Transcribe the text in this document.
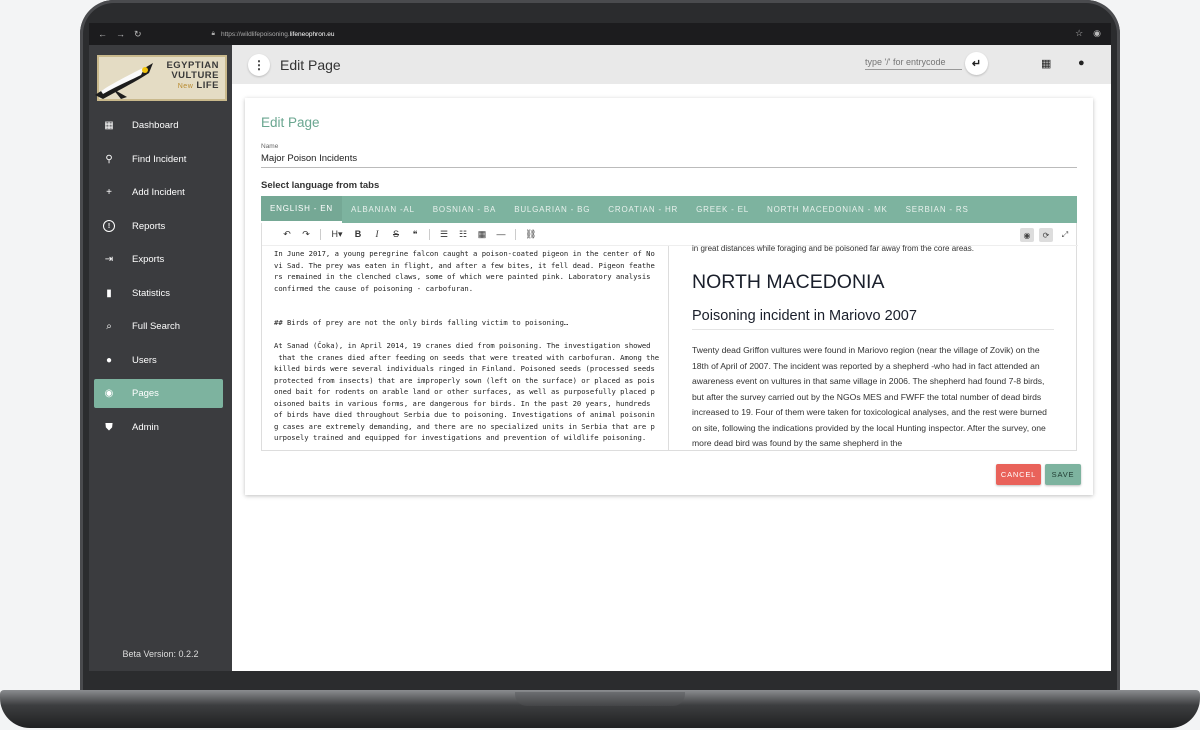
← → ↻	🔒︎ https://wildlifepoisoning.lifeneophron.eu	☆ ◉
EGYPTIAN
VULTURE
New LIFE
▦ Dashboard
⚲ Find Incident
+	Add Incident
!	Reports
⇥ Exports
▮	Statistics
⌕	Full Search
●	Users
◉ Pages
⛊ Admin
Beta Version: 0.2.2
⋮ Edit Page
type '/' for entrycode	↵	▦ ●
Edit Page
Name
Major Poison Incidents
Select language from tabs
ENGLISH - EN	ALBANIAN -AL	BOSNIAN - BA	BULGARIAN - BG	CROATIAN - HR	GREEK - EL	NORTH MACEDONIAN - MK	SERBIAN - RS
↶ ↷ H▾ B	I	S ❝	☰ ☷ ▦ — ⛓	◉	⟳	⤢
In June 2017, a young peregrine falcon caught a poison-coated pigeon in the center of No
vi Sad. The prey was eaten in flight, and after a few bites, it fell dead. Pigeon feathe
rs remained in the clenched claws, some of which were painted pink. Laboratory analysis
confirmed the cause of poisoning - carbofuran.

## Birds of prey are not the only birds falling victim to poisoning…

At Sanad (Čoka), in April 2014, 19 cranes died from poisoning. The investigation showed
that the cranes died after feeding on seeds that were treated with carbofuran. Among the
killed birds were several individuals ringed in Finland. Poisoned seeds (processed seeds
protected from insects) that are improperly sown (left on the surface) or placed as pois
oned bait for rodents on arable land or other surfaces, as well as purposefully placed p
oisoned baits in various forms, are dangerous for birds. In the past 20 years, hundreds
of birds have died throughout Serbia due to poisoning. Investigations of animal poisonin
g cases are extremely demanding, and there are no specialized units in Serbia that are p
urposely trained and equipped for investigations and prevention of wildlife poisoning.
in great distances while foraging and be poisoned far away from the core areas.
NORTH MACEDONIA
Poisoning incident in Mariovo 2007
Twenty dead Griffon vultures were found in Mariovo region (near the village of Zovik) on the 18th of April of 2007. The incident was reported by a shepherd -who had in fact attended an awareness event on vultures in that same village in 2006. The shepherd had found 7-8 birds, but after the survey carried out by the NGOs MES and FWFF the total number of dead birds increased to 19. Four of them were taken for toxicological analyses, and the rest were burned on site, following the indications provided by the local Hunting inspector. After the survey, one more dead bird was found by the same shepherd in the
CANCEL	SAVE
